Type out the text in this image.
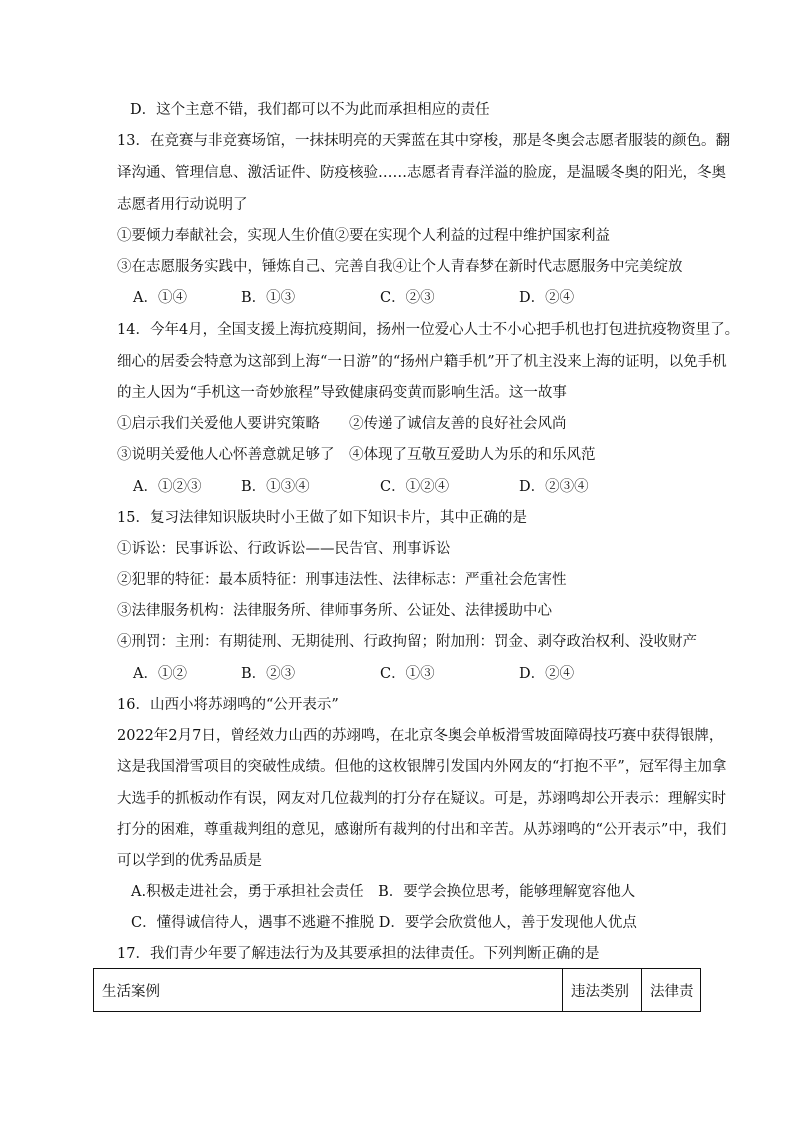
D．这个主意不错，我们都可以不为此而承担相应的责任
13．在竞赛与非竞赛场馆，一抹抹明亮的天霁蓝在其中穿梭，那是冬奥会志愿者服装的颜色。翻
译沟通、管理信息、激活证件、防疫核验……志愿者青春洋溢的脸庞，是温暖冬奥的阳光，冬奥
志愿者用行动说明了
①要倾力奉献社会，实现人生价值②要在实现个人利益的过程中维护国家利益
③在志愿服务实践中，锤炼自己、完善自我④让个人青春梦在新时代志愿服务中完美绽放
A．①④	B．①③	C．②③	D．②④
14．今年4月，全国支援上海抗疫期间，扬州一位爱心人士不小心把手机也打包进抗疫物资里了。
细心的居委会特意为这部到上海“一日游”的“扬州户籍手机”开了机主没来上海的证明，以免手机
的主人因为“手机这一奇妙旅程”导致健康码变黄而影响生活。这一故事
①启示我们关爱他人要讲究策略　　②传递了诚信友善的良好社会风尚
③说明关爱他人心怀善意就足够了　④体现了互敬互爱助人为乐的和乐风范
A．①②③	B．①③④	C．①②④	D．②③④
15．复习法律知识版块时小王做了如下知识卡片，其中正确的是
①诉讼：民事诉讼、行政诉讼——民告官、刑事诉讼
②犯罪的特征：最本质特征：刑事违法性、法律标志：严重社会危害性
③法律服务机构：法律服务所、律师事务所、公证处、法律援助中心
④刑罚：主刑：有期徒刑、无期徒刑、行政拘留；附加刑：罚金、剥夺政治权利、没收财产
A．①②	B．②③	C．①③	D．②④
16．山西小将苏翊鸣的“公开表示”
2022年2月7日，曾经效力山西的苏翊鸣，在北京冬奥会单板滑雪坡面障碍技巧赛中获得银牌，
这是我国滑雪项目的突破性成绩。但他的这枚银牌引发国内外网友的“打抱不平”，冠军得主加拿
大选手的抓板动作有误，网友对几位裁判的打分存在疑议。可是，苏翊鸣却公开表示：理解实时
打分的困难，尊重裁判组的意见，感谢所有裁判的付出和辛苦。从苏翊鸣的“公开表示”中，我们
可以学到的优秀品质是
A.积极走进社会，勇于承担社会责任　B．要学会换位思考，能够理解宽容他人
C．懂得诚信待人，遇事不逃避不推脱 D．要学会欣赏他人，善于发现他人优点
17．我们青少年要了解违法行为及其要承担的法律责任。下列判断正确的是
生活案例	违法类别	法律责
